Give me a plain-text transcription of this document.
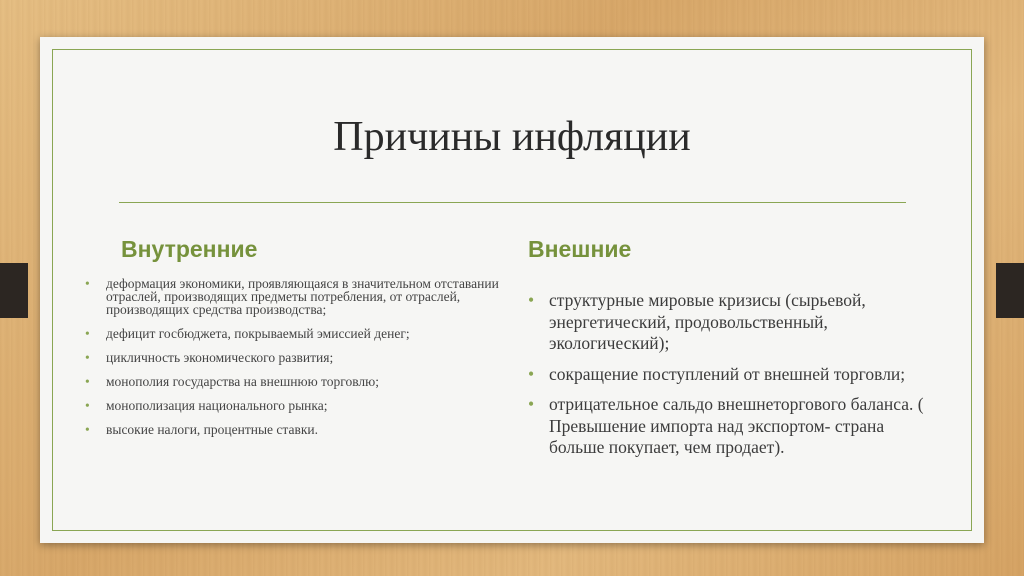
Причины инфляции
Внутренние	Внешние
• деформация экономики, проявляющаяся в значительном отставании отраслей, производящих предметы потребления, от отраслей, производящих средства производства;
• дефицит госбюджета, покрываемый эмиссией денег;
• цикличность экономического развития;
• монополия государства на внешнюю торговлю;
• монополизация национального рынка;
• высокие налоги, процентные ставки.
• структурные мировые кризисы (сырьевой, энергетический, продовольственный, экологический);
• сокращение поступлений от внешней торговли;
• отрицательное сальдо внешнеторгового баланса. ( Превышение импорта над экспортом- страна больше покупает, чем продает).
